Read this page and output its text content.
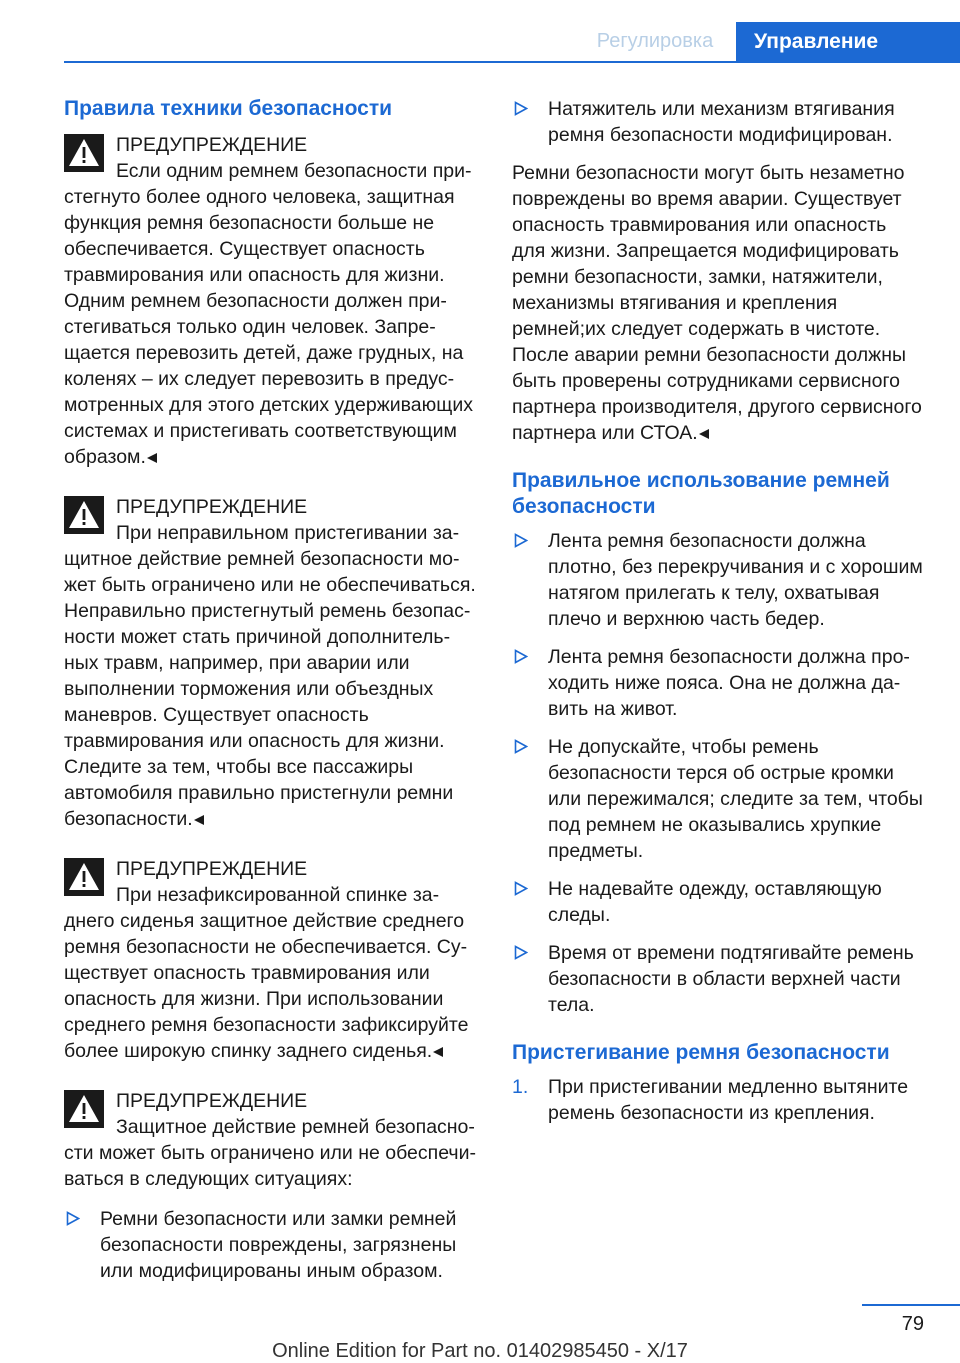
Регулировка	Управление
Правила техники безопасности
ПРЕДУПРЕЖДЕНИЕ
Если одним ремнем безопасности пристегнуто более одного человека, защитная функция ремня безопасности больше не обеспечивается. Существует опасность травмирования или опасность для жизни. Одним ремнем безопасности должен пристегиваться только один человек. Запрещается перевозить детей, даже грудных, на коленях – их следует перевозить в предусмотренных для этого детских удерживающих системах и пристегивать соответствующим образом.
ПРЕДУПРЕЖДЕНИЕ
При неправильном пристегивании защитное действие ремней безопасности может быть ограничено или не обеспечиваться. Неправильно пристегнутый ремень безопасности может стать причиной дополнительных травм, например, при аварии или выполнении торможения или объездных маневров. Существует опасность травмирования или опасность для жизни. Следите за тем, чтобы все пассажиры автомобиля правильно пристегнули ремни безопасности.
ПРЕДУПРЕЖДЕНИЕ
При незафиксированной спинке заднего сиденья защитное действие среднего ремня безопасности не обеспечивается. Существует опасность травмирования или опасность для жизни. При использовании среднего ремня безопасности зафиксируйте более широкую спинку заднего сиденья.
ПРЕДУПРЕЖДЕНИЕ
Защитное действие ремней безопасности может быть ограничено или не обеспечиваться в следующих ситуациях:
Ремни безопасности или замки ремней безопасности повреждены, загрязнены или модифицированы иным образом.
Натяжитель или механизм втягивания ремня безопасности модифицирован.

Ремни безопасности могут быть незаметно повреждены во время аварии. Существует опасность травмирования или опасность для жизни. Запрещается модифицировать ремни безопасности, замки, натяжители, механизмы втягивания и крепления ремней;их следует содержать в чистоте. После аварии ремни безопасности должны быть проверены сотрудниками сервисного партнера производителя, другого сервисного партнера или СТОА.

Правильное использование ремней безопасности
Лента ремня безопасности должна плотно, без перекручивания и с хорошим натягом прилегать к телу, охватывая плечо и верхнюю часть бедер.
Лента ремня безопасности должна проходить ниже пояса. Она не должна давить на живот.
Не допускайте, чтобы ремень безопасности терся об острые кромки или пережимался; следите за тем, чтобы под ремнем не оказывались хрупкие предметы.
Не надевайте одежду, оставляющую следы.
Время от времени подтягивайте ремень безопасности в области верхней части тела.
Пристегивание ремня безопасности
1. При пристегивании медленно вытяните ремень безопасности из крепления.
79
Online Edition for Part no. 01402985450 - X/17
